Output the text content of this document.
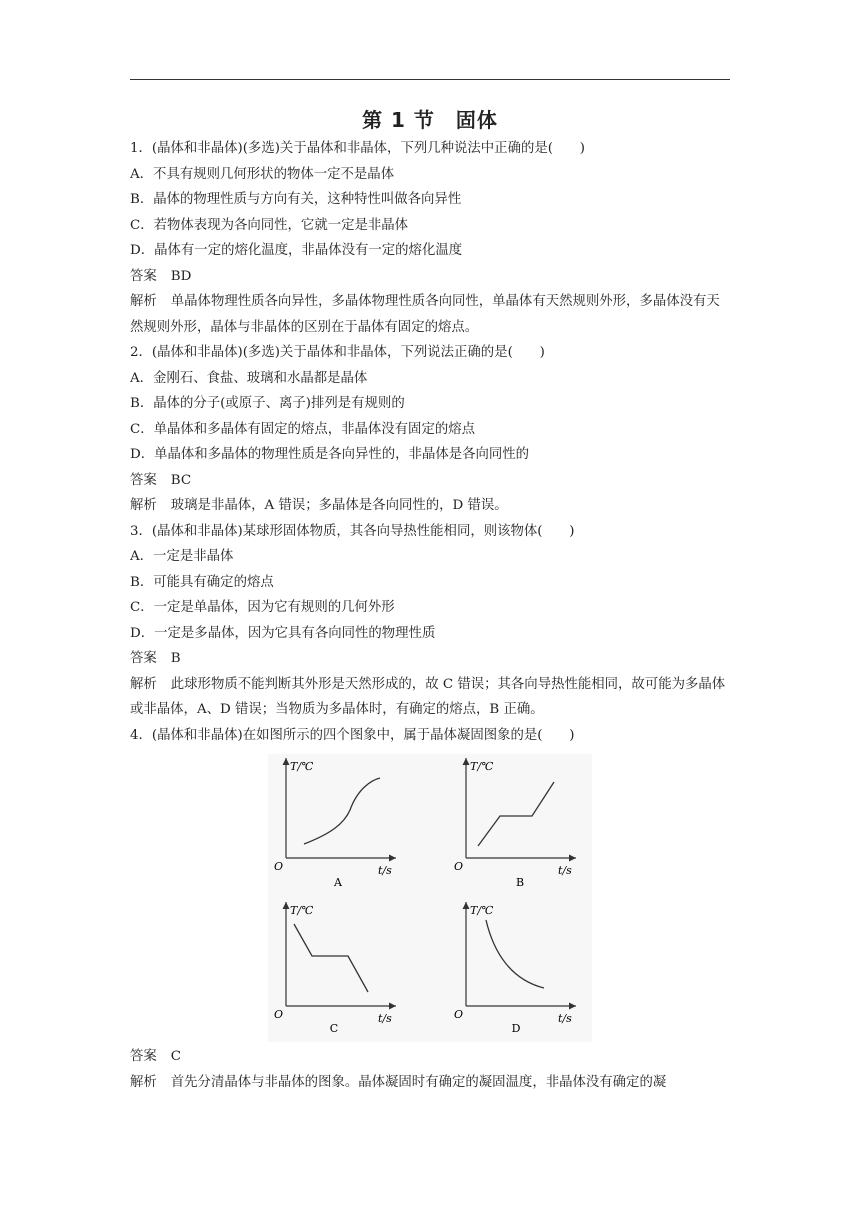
第 1 节　固体
1．(晶体和非晶体)(多选)关于晶体和非晶体，下列几种说法中正确的是(　　)
A．不具有规则几何形状的物体一定不是晶体
B．晶体的物理性质与方向有关，这种特性叫做各向异性
C．若物体表现为各向同性，它就一定是非晶体
D．晶体有一定的熔化温度，非晶体没有一定的熔化温度
答案 BD
解析 单晶体物理性质各向异性，多晶体物理性质各向同性，单晶体有天然规则外形，多晶体没有天然规则外形，晶体与非晶体的区别在于晶体有固定的熔点。
2．(晶体和非晶体)(多选)关于晶体和非晶体，下列说法正确的是(　　)
A．金刚石、食盐、玻璃和水晶都是晶体
B．晶体的分子(或原子、离子)排列是有规则的
C．单晶体和多晶体有固定的熔点，非晶体没有固定的熔点
D．单晶体和多晶体的物理性质是各向异性的，非晶体是各向同性的
答案 BC
解析 玻璃是非晶体，A 错误；多晶体是各向同性的，D 错误。
3．(晶体和非晶体)某球形固体物质，其各向导热性能相同，则该物体(　　)
A．一定是非晶体
B．可能具有确定的熔点
C．一定是单晶体，因为它有规则的几何外形
D．一定是多晶体，因为它具有各向同性的物理性质
答案 B
解析 此球形物质不能判断其外形是天然形成的，故 C 错误；其各向导热性能相同，故可能为多晶体或非晶体，A、D 错误；当物质为多晶体时，有确定的熔点，B 正确。
4．(晶体和非晶体)在如图所示的四个图象中，属于晶体凝固图象的是(　　)
T/℃
O	t/s
A
T/℃
O	t/s
B
T/℃
O	t/s
C
T/℃
O	t/s
D
答案 C
解析 首先分清晶体与非晶体的图象。晶体凝固时有确定的凝固温度，非晶体没有确定的凝
